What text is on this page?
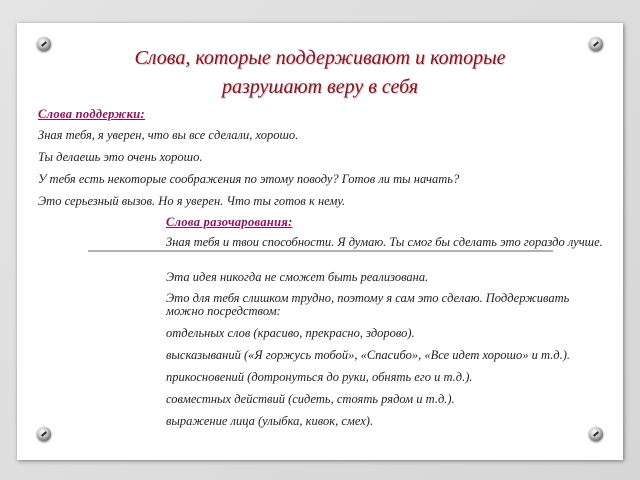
Слова, которые поддерживают и которые
разрушают веру в себя
Слова поддержки:
Зная тебя, я уверен, что вы все сделали, хорошо.
Ты делаешь это очень хорошо.
У тебя есть некоторые соображения по этому поводу? Готов ли ты начать?
Это серьезный вызов. Но я уверен. Что ты готов к нему.
Слова разочарования:
Зная тебя и твои способности. Я думаю. Ты смог бы сделать это гораздо лучше.
Эта идея никогда не сможет быть реализована.
Это для тебя слишком трудно, поэтому я сам это сделаю. Поддерживать можно посредством:
отдельных слов (красиво, прекрасно, здорово).
высказываний («Я горжусь тобой», «Спасибо», «Все идет хорошо» и т.д.).
прикосновений (дотронуться до руки, обнять его и т.д.).
совместных действий (сидеть, стоять рядом и т.д.).
выражение лица (улыбка, кивок, смех).
